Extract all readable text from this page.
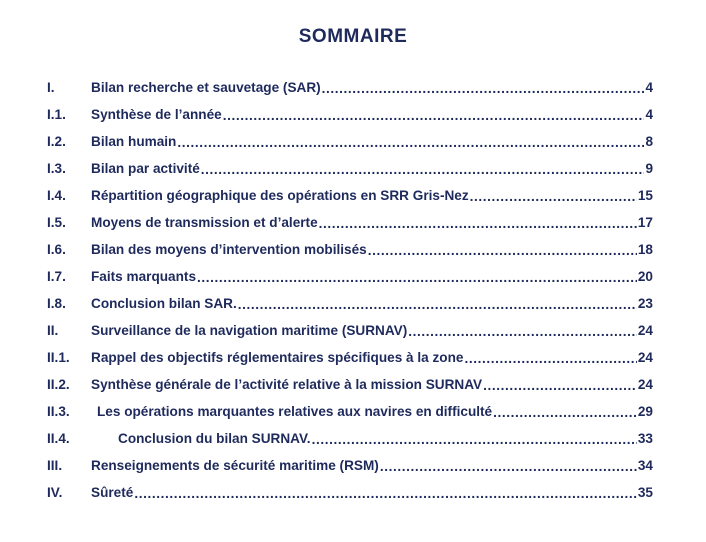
SOMMAIRE
I.	Bilan recherche et sauvetage (SAR) .....	4
I.1.	Synthèse de l’année .....	4
I.2.	Bilan humain .....	8
I.3.	Bilan par activité .....	9
I.4.	Répartition géographique des opérations en SRR Gris-Nez .....	15
I.5.	Moyens de transmission et d’alerte .....	17
I.6.	Bilan des moyens d’intervention mobilisés .....	18
I.7.	Faits marquants .....	20
I.8.	Conclusion bilan SAR. .....	23
II.	Surveillance de la navigation maritime (SURNAV) .....	24
II.1.	Rappel des objectifs réglementaires spécifiques à la zone .....	24
II.2.	Synthèse générale de l’activité relative à la mission SURNAV .....	24
II.3.	Les opérations marquantes relatives aux navires en difficulté .....	29
II.4.	Conclusion du bilan SURNAV. .....	33
III.	Renseignements de sécurité maritime (RSM) .....	34
IV.	Sûreté .....	35
